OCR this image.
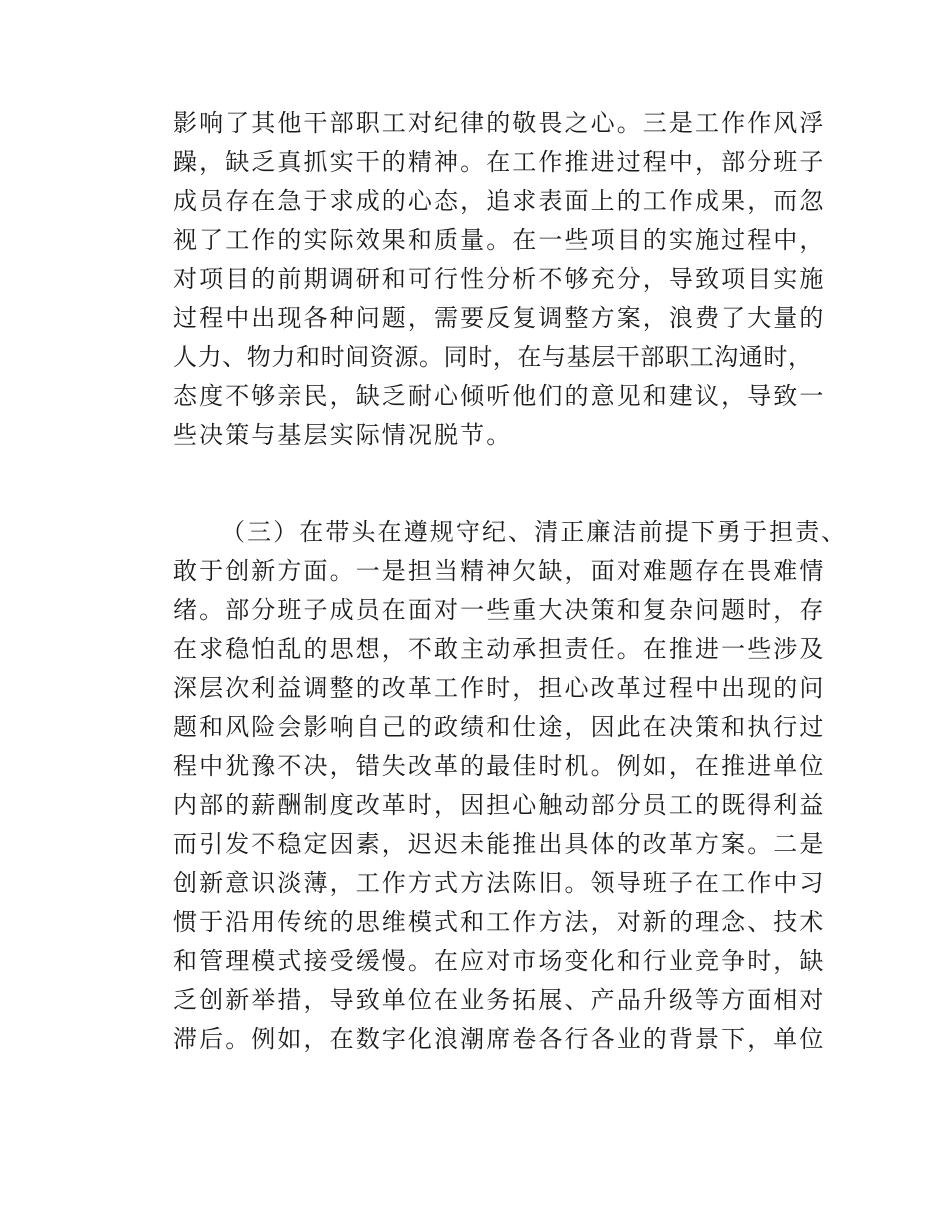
影响了其他干部职工对纪律的敬畏之心。三是工作作风浮
躁，缺乏真抓实干的精神。在工作推进过程中，部分班子
成员存在急于求成的心态，追求表面上的工作成果，而忽
视了工作的实际效果和质量。在一些项目的实施过程中，
对项目的前期调研和可行性分析不够充分，导致项目实施
过程中出现各种问题，需要反复调整方案，浪费了大量的
人力、物力和时间资源。同时，在与基层干部职工沟通时，
态度不够亲民，缺乏耐心倾听他们的意见和建议，导致一
些决策与基层实际情况脱节。
（三）在带头在遵规守纪、清正廉洁前提下勇于担责、
敢于创新方面。一是担当精神欠缺，面对难题存在畏难情
绪。部分班子成员在面对一些重大决策和复杂问题时，存
在求稳怕乱的思想，不敢主动承担责任。在推进一些涉及
深层次利益调整的改革工作时，担心改革过程中出现的问
题和风险会影响自己的政绩和仕途，因此在决策和执行过
程中犹豫不决，错失改革的最佳时机。例如，在推进单位
内部的薪酬制度改革时，因担心触动部分员工的既得利益
而引发不稳定因素，迟迟未能推出具体的改革方案。二是
创新意识淡薄，工作方式方法陈旧。领导班子在工作中习
惯于沿用传统的思维模式和工作方法，对新的理念、技术
和管理模式接受缓慢。在应对市场变化和行业竞争时，缺
乏创新举措，导致单位在业务拓展、产品升级等方面相对
滞后。例如，在数字化浪潮席卷各行各业的背景下，单位
